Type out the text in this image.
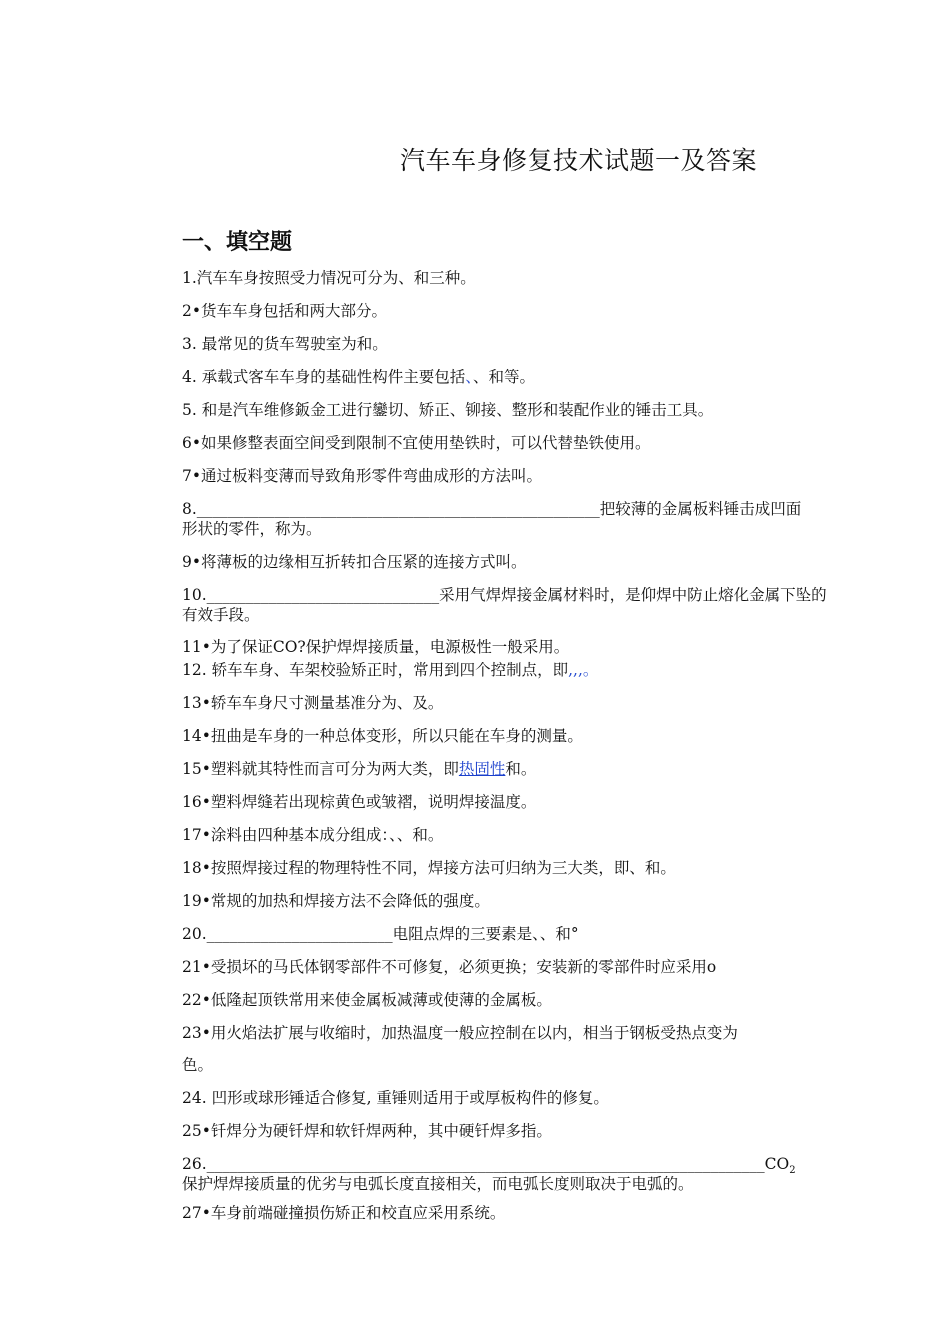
汽车车身修复技术试题一及答案
一、填空题
1.汽车车身按照受力情况可分为、和三种。
2•货车车身包括和两大部分。
3. 最常见的货车驾驶室为和。
4. 承载式客车车身的基础性构件主要包括、、和等。
5. 和是汽车维修鈑金工进行鑾切、矫正、铆接、整形和装配作业的锤击工具。
6•如果修整表面空间受到限制不宜使用垫铁时，可以代替垫铁使用。
7•通过板料变薄而导致角形零件弯曲成形的方法叫。
8.____________________________________________________把较薄的金属板料锤击成凹面
形状的零件，称为。
9•将薄板的边缘相互折转扣合压紧的连接方式叫。
10.______________________________采用气焊焊接金属材料时，是仰焊中防止熔化金属下坠的
有效手段。
11•为了保证CO?保护焊焊接质量，电源极性一般采用。
12. 轿车车身、车架校验矫正时，常用到四个控制点，即,,,。
13•轿车车身尺寸测量基准分为、及。
14•扭曲是车身的一种总体变形，所以只能在车身的测量。
15•塑料就其特性而言可分为两大类，即热固性和。
16•塑料焊缝若出现棕黄色或皱褶，说明焊接温度。
17•涂料由四种基本成分组成：、、和。
18•按照焊接过程的物理特性不同，焊接方法可归纳为三大类，即、和。
19•常规的加热和焊接方法不会降低的强度。
20.________________________电阻点焊的三要素是、、和°
21•受损坏的马氏体钢零部件不可修复，必须更换；安装新的零部件时应采用o
22•低隆起顶铁常用来使金属板减薄或使薄的金属板。
23•用火焰法扩展与收缩时，加热温度一般应控制在以内，相当于钢板受热点变为
色。
24. 凹形或球形锤适合修复, 重锤则适用于或厚板构件的修复。
25•钎焊分为硬钎焊和软钎焊两种，其中硬钎焊多指。
$26.\_\_\_\_\_\_\_\_\_\_\_\_\_\_\_\_\_\_\_\_\_\_\_\_\_\_\_\_\_\_\_\_\_\_\_\_\_\_\_\_\_\_\_\_\_\_\_\_\_\_\_\_\_\_\_\_\_\_\_\_\_\_\_\_\_\_\_\_\_\_\_\_CO_2$
保护焊焊接质量的优劣与电弧长度直接相关，而电弧长度则取决于电弧的。
27•车身前端碰撞损伤矫正和校直应采用系统。
